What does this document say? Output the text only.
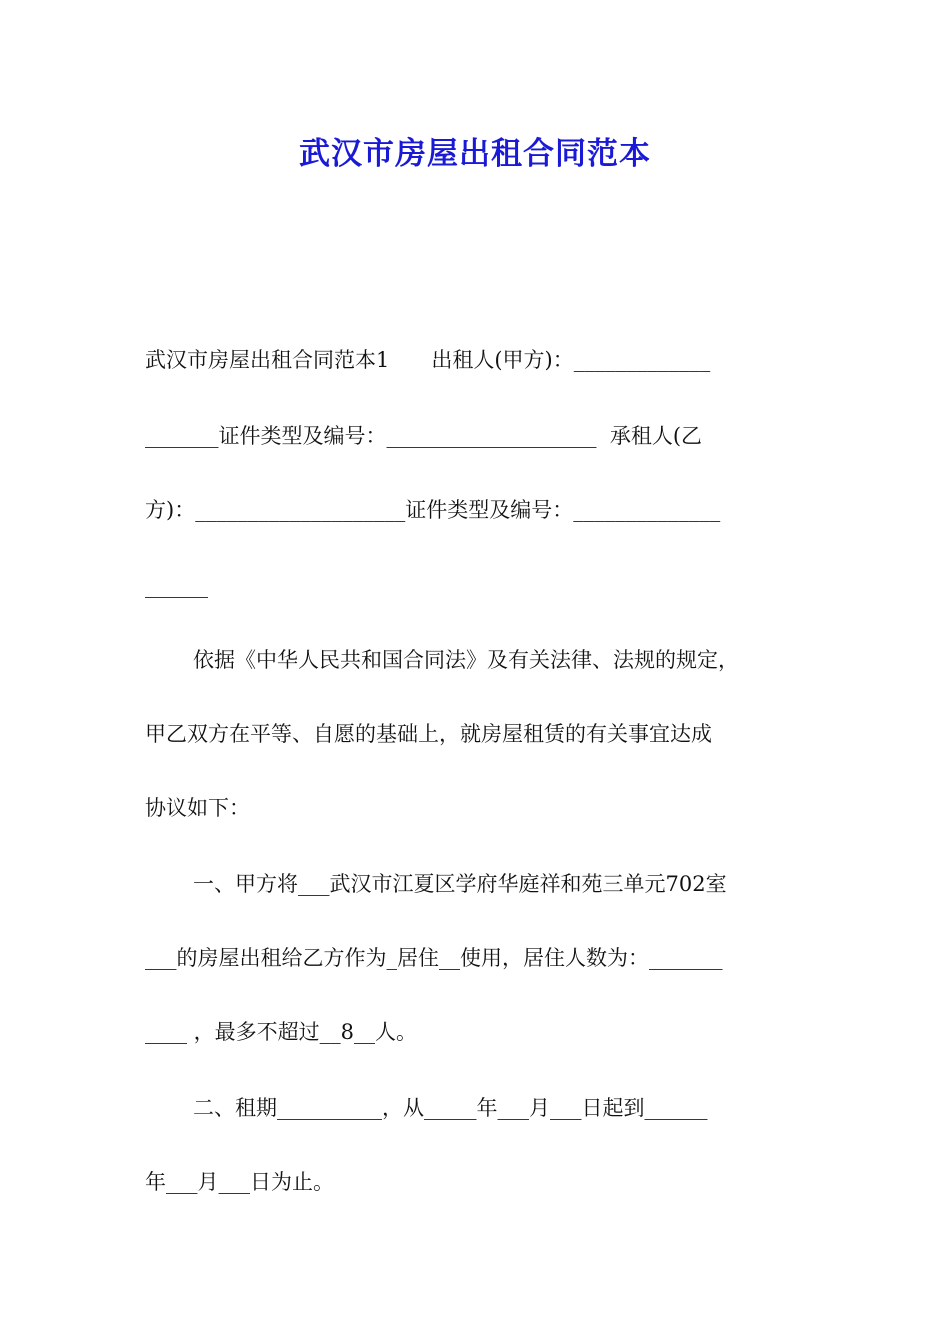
武汉市房屋出租合同范本
武汉市房屋出租合同范本1　　出租人(甲方)：_____________
_______证件类型及编号：____________________  承租人(乙
方)：____________________证件类型及编号：______________
______
依据《中华人民共和国合同法》及有关法律、法规的规定，
甲乙双方在平等、自愿的基础上，就房屋租赁的有关事宜达成
协议如下：
一、甲方将___武汉市江夏区学府华庭祥和苑三单元702室
___的房屋出租给乙方作为_居住__使用，居住人数为：_______
____ ，最多不超过__8__人。
二、租期__________，从_____年___月___日起到______
年___月___日为止。
